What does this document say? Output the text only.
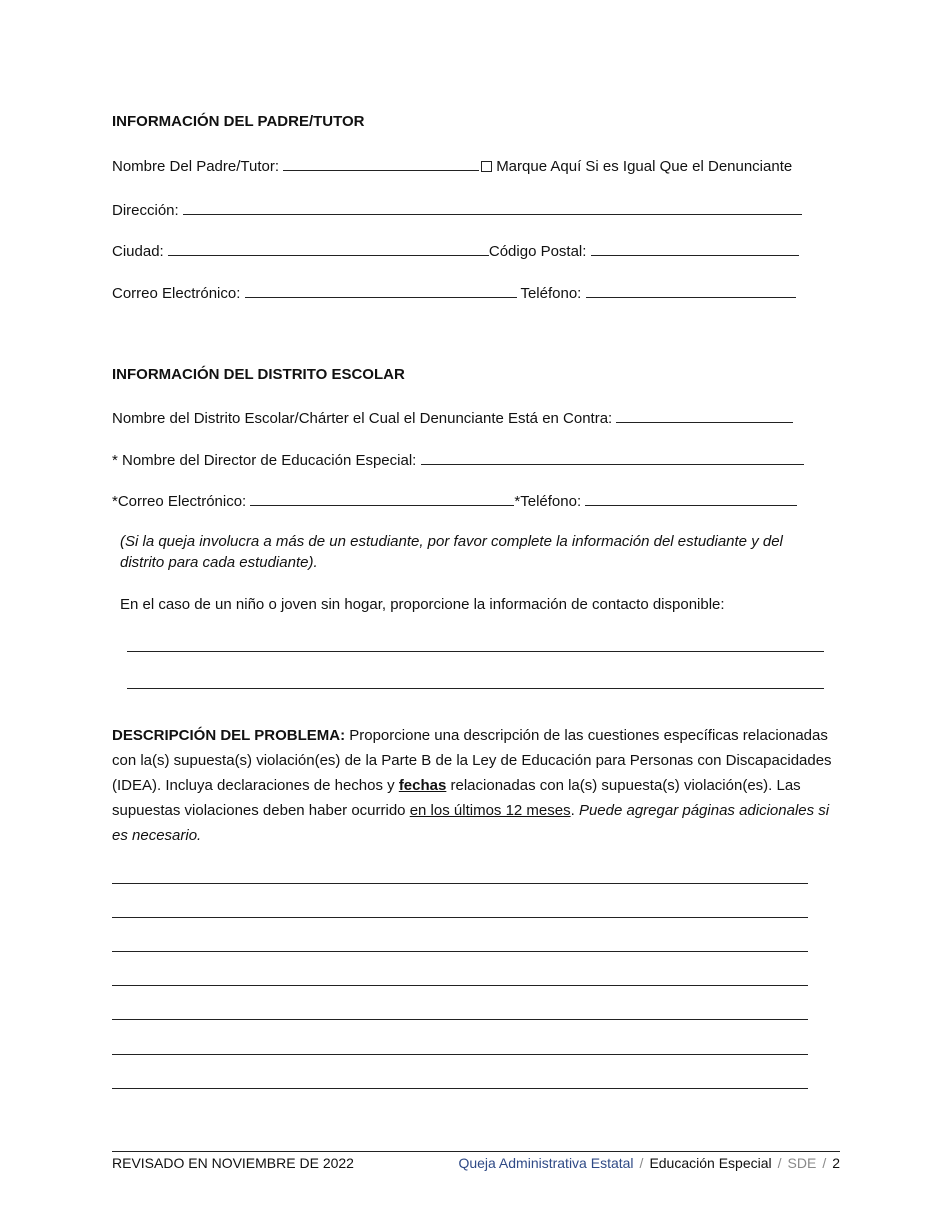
INFORMACIÓN DEL PADRE/TUTOR
Nombre Del Padre/Tutor:	Marque Aquí Si es Igual Que el Denunciante
Dirección:
Ciudad:	Código Postal:
Correo Electrónico:	Teléfono:
INFORMACIÓN DEL DISTRITO ESCOLAR
Nombre del Distrito Escolar/Chárter el Cual el Denunciante Está en Contra:
* Nombre del Director de Educación Especial:
*Correo Electrónico:	*Teléfono:
(Si la queja involucra a más de un estudiante, por favor complete la información del estudiante y del distrito para cada estudiante).
En el caso de un niño o joven sin hogar, proporcione la información de contacto disponible:
DESCRIPCIÓN DEL PROBLEMA: Proporcione una descripción de las cuestiones específicas relacionadas con la(s) supuesta(s) violación(es) de la Parte B de la Ley de Educación para Personas con Discapacidades (IDEA). Incluya declaraciones de hechos y fechas relacionadas con la(s) supuesta(s) violación(es). Las supuestas violaciones deben haber ocurrido en los últimos 12 meses. Puede agregar páginas adicionales si es necesario.
REVISADO EN NOVIEMBRE DE 2022	Queja Administrativa Estatal / Educación Especial / SDE / 2
